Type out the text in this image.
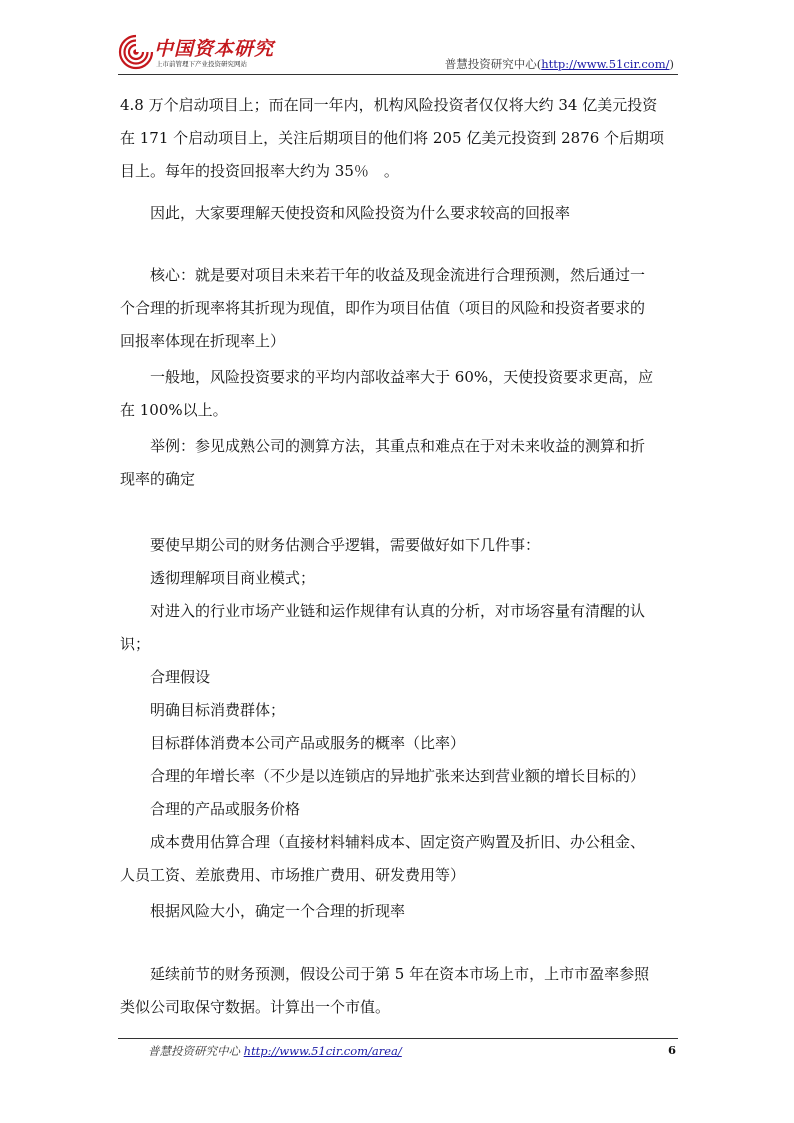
中国资本研究
上市前管理下产业投资研究网站	普慧投资研究中心(http://www.51cir.com/)
4.8 万个启动项目上；而在同一年内，机构风险投资者仅仅将大约 34 亿美元投资
在 171 个启动项目上，关注后期项目的他们将 205 亿美元投资到 2876 个后期项
目上。每年的投资回报率大约为 35％　。
因此，大家要理解天使投资和风险投资为什么要求较高的回报率
核心：就是要对项目未来若干年的收益及现金流进行合理预测，然后通过一
个合理的折现率将其折现为现值，即作为项目估值（项目的风险和投资者要求的
回报率体现在折现率上）
一般地，风险投资要求的平均内部收益率大于 60%，天使投资要求更高，应
在 100%以上。
举例：参见成熟公司的测算方法，其重点和难点在于对未来收益的测算和折
现率的确定
要使早期公司的财务估测合乎逻辑，需要做好如下几件事：
透彻理解项目商业模式；
对进入的行业市场产业链和运作规律有认真的分析，对市场容量有清醒的认
识；
合理假设
明确目标消费群体；
目标群体消费本公司产品或服务的概率（比率）
合理的年增长率（不少是以连锁店的异地扩张来达到营业额的增长目标的）
合理的产品或服务价格
成本费用估算合理（直接材料辅料成本、固定资产购置及折旧、办公租金、
人员工资、差旅费用、市场推广费用、研发费用等）
根据风险大小，确定一个合理的折现率
延续前节的财务预测，假设公司于第 5 年在资本市场上市，上市市盈率参照
类似公司取保守数据。计算出一个市值。
普慧投资研究中心 http://www.51cir.com/area/	6
